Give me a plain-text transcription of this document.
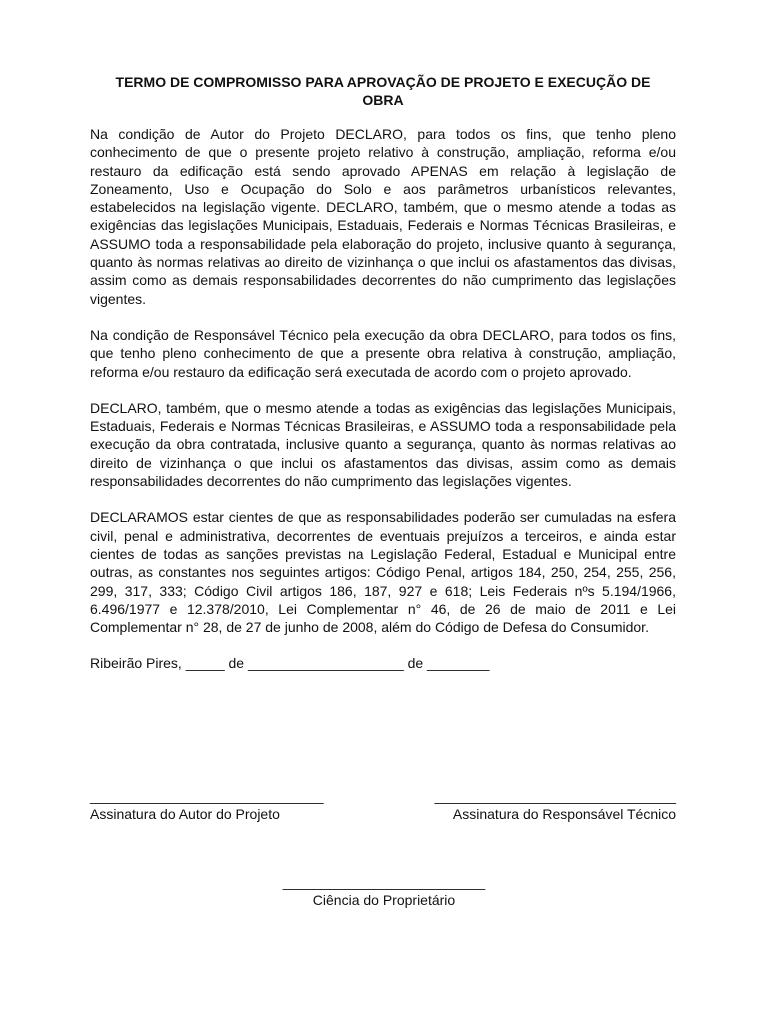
TERMO DE COMPROMISSO PARA APROVAÇÃO DE PROJETO E EXECUÇÃO DE OBRA

Na condição de Autor do Projeto DECLARO, para todos os fins, que tenho pleno conhecimento de que o presente projeto relativo à construção, ampliação, reforma e/ou restauro da edificação está sendo aprovado APENAS em relação à legislação de Zoneamento, Uso e Ocupação do Solo e aos parâmetros urbanísticos relevantes, estabelecidos na legislação vigente. DECLARO, também, que o mesmo atende a todas as exigências das legislações Municipais, Estaduais, Federais e Normas Técnicas Brasileiras, e ASSUMO toda a responsabilidade pela elaboração do projeto, inclusive quanto à segurança, quanto às normas relativas ao direito de vizinhança o que inclui os afastamentos das divisas, assim como as demais responsabilidades decorrentes do não cumprimento das legislações vigentes.

Na condição de Responsável Técnico pela execução da obra DECLARO, para todos os fins, que tenho pleno conhecimento de que a presente obra relativa à construção, ampliação, reforma e/ou restauro da edificação será executada de acordo com o projeto aprovado.

DECLARO, também, que o mesmo atende a todas as exigências das legislações Municipais, Estaduais, Federais e Normas Técnicas Brasileiras, e ASSUMO toda a responsabilidade pela execução da obra contratada, inclusive quanto a segurança, quanto às normas relativas ao direito de vizinhança o que inclui os afastamentos das divisas, assim como as demais responsabilidades decorrentes do não cumprimento das legislações vigentes.

DECLARAMOS estar cientes de que as responsabilidades poderão ser cumuladas na esfera civil, penal e administrativa, decorrentes de eventuais prejuízos a terceiros, e ainda estar cientes de todas as sanções previstas na Legislação Federal, Estadual e Municipal entre outras, as constantes nos seguintes artigos: Código Penal, artigos 184, 250, 254, 255, 256, 299, 317, 333; Código Civil artigos 186, 187, 927 e 618; Leis Federais nºs 5.194/1966, 6.496/1977 e 12.378/2010, Lei Complementar n° 46, de 26 de maio de 2011 e Lei Complementar n° 28, de 27 de junho de 2008, além do Código de Defesa do Consumidor.

Ribeirão Pires, _____ de ____________________ de ________

______________________________
Assinatura do Autor do Projeto
_______________________________
Assinatura do Responsável Técnico
__________________________
Ciência do Proprietário
